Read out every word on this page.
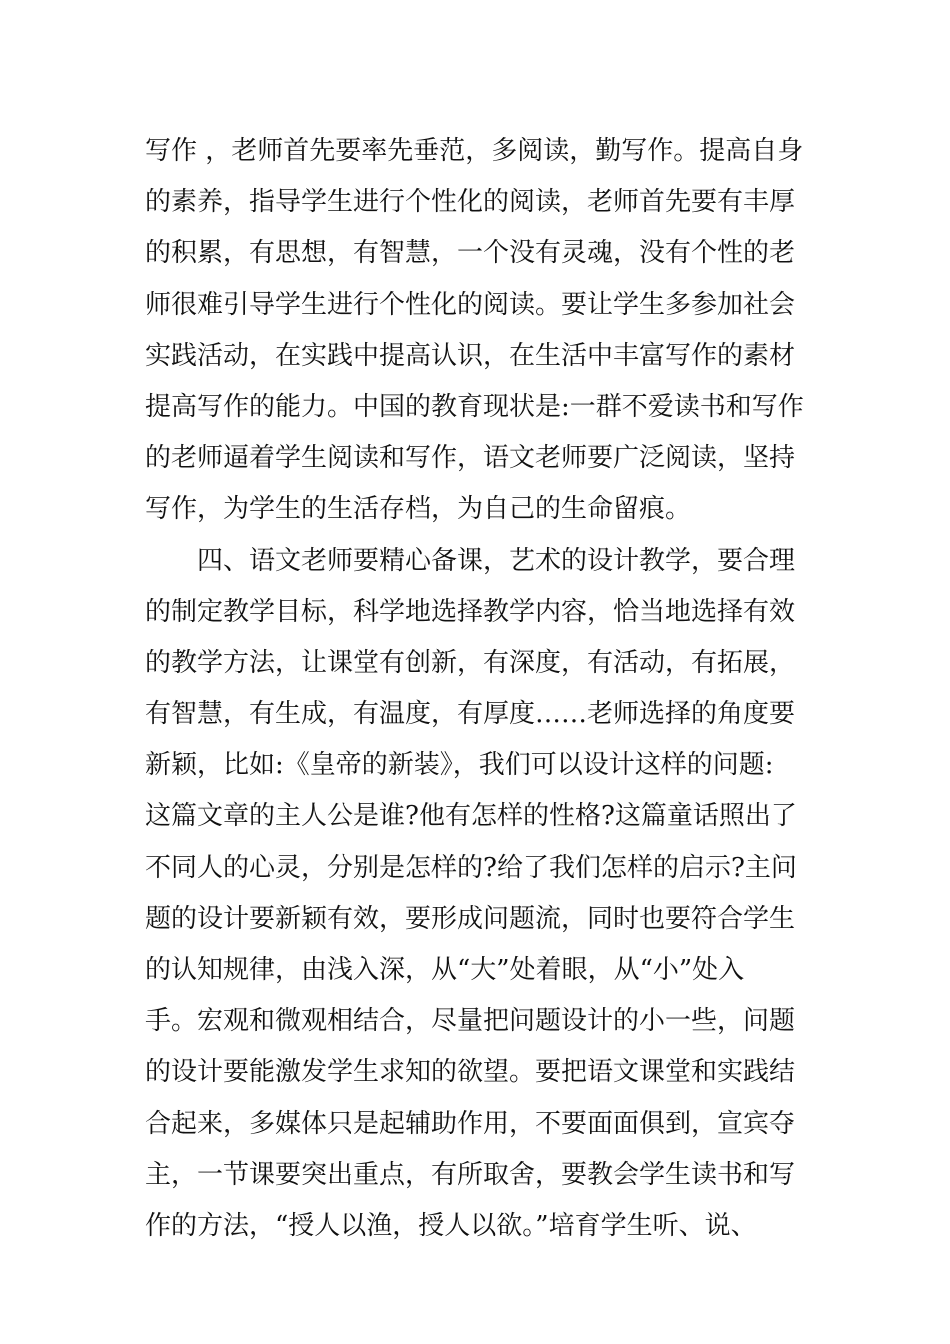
写作 ，老师首先要率先垂范，多阅读，勤写作。提高自身
的素养，指导学生进行个性化的阅读，老师首先要有丰厚
的积累，有思想，有智慧，一个没有灵魂，没有个性的老
师很难引导学生进行个性化的阅读。要让学生多参加社会
实践活动，在实践中提高认识，在生活中丰富写作的素材
提高写作的能力。中国的教育现状是:一群不爱读书和写作
的老师逼着学生阅读和写作，语文老师要广泛阅读，坚持
写作，为学生的生活存档，为自己的生命留痕。
四、语文老师要精心备课，艺术的设计教学，要合理
的制定教学目标，科学地选择教学内容，恰当地选择有效
的教学方法，让课堂有创新，有深度，有活动，有拓展，
有智慧，有生成，有温度，有厚度……老师选择的角度要
新颖，比如:《皇帝的新装》，我们可以设计这样的问题:
这篇文章的主人公是谁?他有怎样的性格?这篇童话照出了
不同人的心灵，分别是怎样的?给了我们怎样的启示?主问
题的设计要新颖有效，要形成问题流，同时也要符合学生
的认知规律，由浅入深，从“大”处着眼，从“小”处入
手。宏观和微观相结合，尽量把问题设计的小一些，问题
的设计要能激发学生求知的欲望。要把语文课堂和实践结
合起来，多媒体只是起辅助作用，不要面面俱到，宣宾夺
主，一节课要突出重点，有所取舍，要教会学生读书和写
作的方法，“授人以渔，授人以欲。”培育学生听、说、
